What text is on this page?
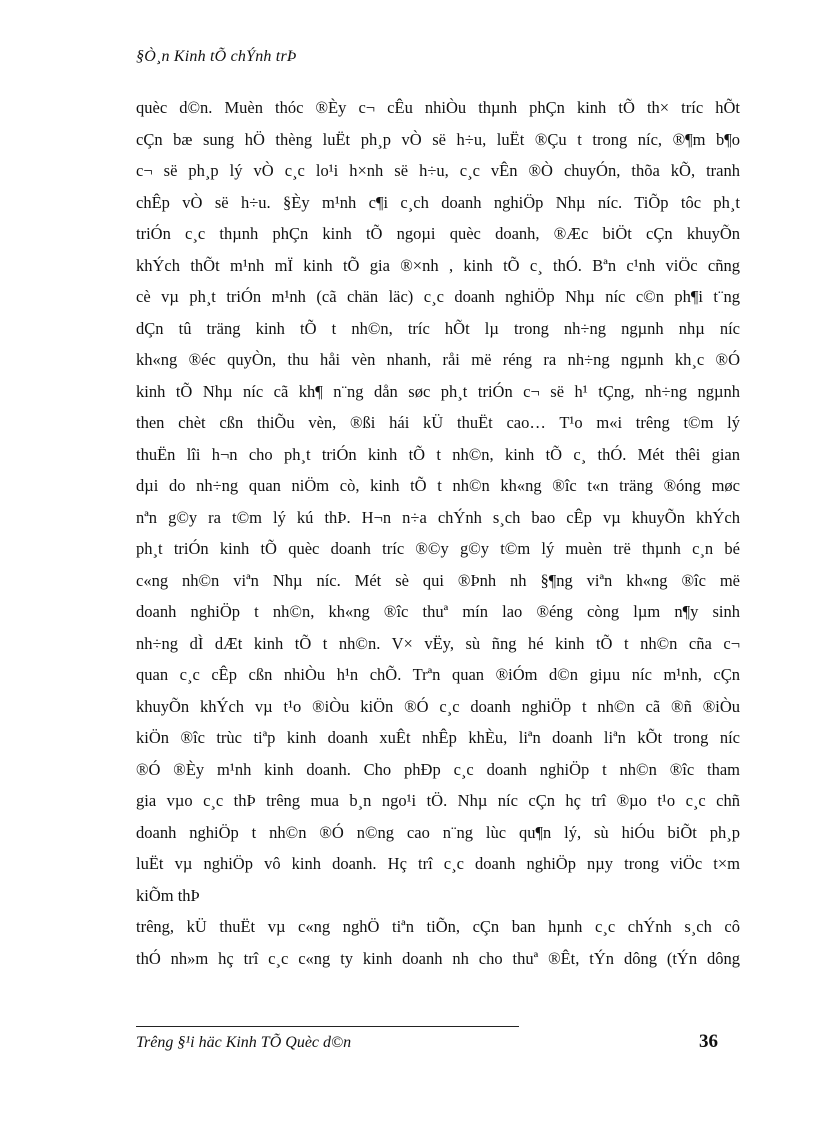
§Ò¸n Kinh tÕ chÝnh trÞ
quèc d©n. Muèn thóc ®Èy c¬ cÊu nhiÒu thµnh phÇn kinh tÕ th× tríc hÕt
cÇn bæ sung hÖ thèng luËt ph¸p vÒ së h÷u, luËt ®Çu t trong níc, ®¶m b¶o
c¬ së ph¸p lý vÒ c¸c lo¹i h×nh së h÷u, c¸c vÊn ®Ò chuyÓn, thõa kÕ, tranh
chÊp vÒ së h÷u. §Èy m¹nh c¶i c¸ch doanh nghiÖp Nhµ níc. TiÕp tôc ph¸t
triÓn c¸c thµnh phÇn kinh tÕ ngoµi quèc doanh, ®Æc biÖt cÇn khuyÕn
khÝch thÕt m¹nh mÏ kinh tÕ gia ®×nh , kinh tÕ c¸ thÓ. Bªn c¹nh viÖc cñng
cè vµ ph¸t triÓn m¹nh (cã chän läc) c¸c doanh nghiÖp Nhµ níc c©n ph¶i t¨ng
dÇn tû träng kinh tÕ t nh©n, tríc hÕt lµ trong nh÷ng ngµnh nhµ níc
kh«ng ®éc quyÒn, thu håi vèn nhanh, råi më réng ra nh÷ng ngµnh kh¸c ®Ó
kinh tÕ Nhµ níc cã kh¶ n¨ng dån søc ph¸t triÓn c¬ së h¹ tÇng, nh÷ng ngµnh
then chèt cßn thiÕu vèn, ®ßi hái kÜ thuËt cao… T¹o m«i trêng t©m lý
thuËn lîi h¬n cho ph¸t triÓn kinh tÕ t nh©n, kinh tÕ c¸ thÓ. Mét thêi gian
dµi do nh÷ng quan niÖm cò, kinh tÕ t nh©n kh«ng ®îc t«n träng ®óng møc
nªn g©y ra t©m lý kú thÞ. H¬n n÷a chÝnh s¸ch bao cÊp vµ khuyÕn khÝch
ph¸t triÓn kinh tÕ quèc doanh tríc ®©y g©y t©m lý muèn trë thµnh c¸n bé
c«ng nh©n viªn Nhµ níc. Mét sè qui ®Þnh nh §¶ng viªn kh«ng ®îc më
doanh nghiÖp t nh©n, kh«ng ®îc thuª mín lao ®éng còng lµm n¶y sinh
nh÷ng dÌ dÆt kinh tÕ t nh©n. V× vËy, sù ñng hé kinh tÕ t nh©n cña c¬
quan c¸c cÊp cßn nhiÒu h¹n chÕ. Trªn quan ®iÓm d©n giµu níc m¹nh, cÇn
khuyÕn khÝch vµ t¹o ®iÒu kiÖn ®Ó c¸c doanh nghiÖp t nh©n cã ®ñ ®iÒu
kiÖn ®îc trùc tiªp kinh doanh xuÊt nhÊp khÈu, liªn doanh liªn kÕt trong níc
®Ó ®Èy m¹nh kinh doanh. Cho phÐp c¸c doanh nghiÖp t nh©n ®îc tham
gia vµo c¸c thÞ trêng mua b¸n ngo¹i tÖ. Nhµ níc cÇn hç trî ®µo t¹o c¸c chñ
doanh nghiÖp t nh©n ®Ó n©ng cao n¨ng lùc qu¶n lý, sù hiÓu biÕt ph¸p
luËt vµ nghiÖp vô kinh doanh. Hç trî c¸c doanh nghiÖp nµy trong viÖc t×m
kiÕm thÞ
trêng, kÜ thuËt vµ c«ng nghÖ tiªn tiÕn, cÇn ban hµnh c¸c chÝnh s¸ch cô
thÓ nh»m hç trî c¸c c«ng ty kinh doanh nh cho thuª ®Êt, tÝn dông (tÝn dông
Trêng §¹i häc Kinh TÕ Quèc d©n	36
